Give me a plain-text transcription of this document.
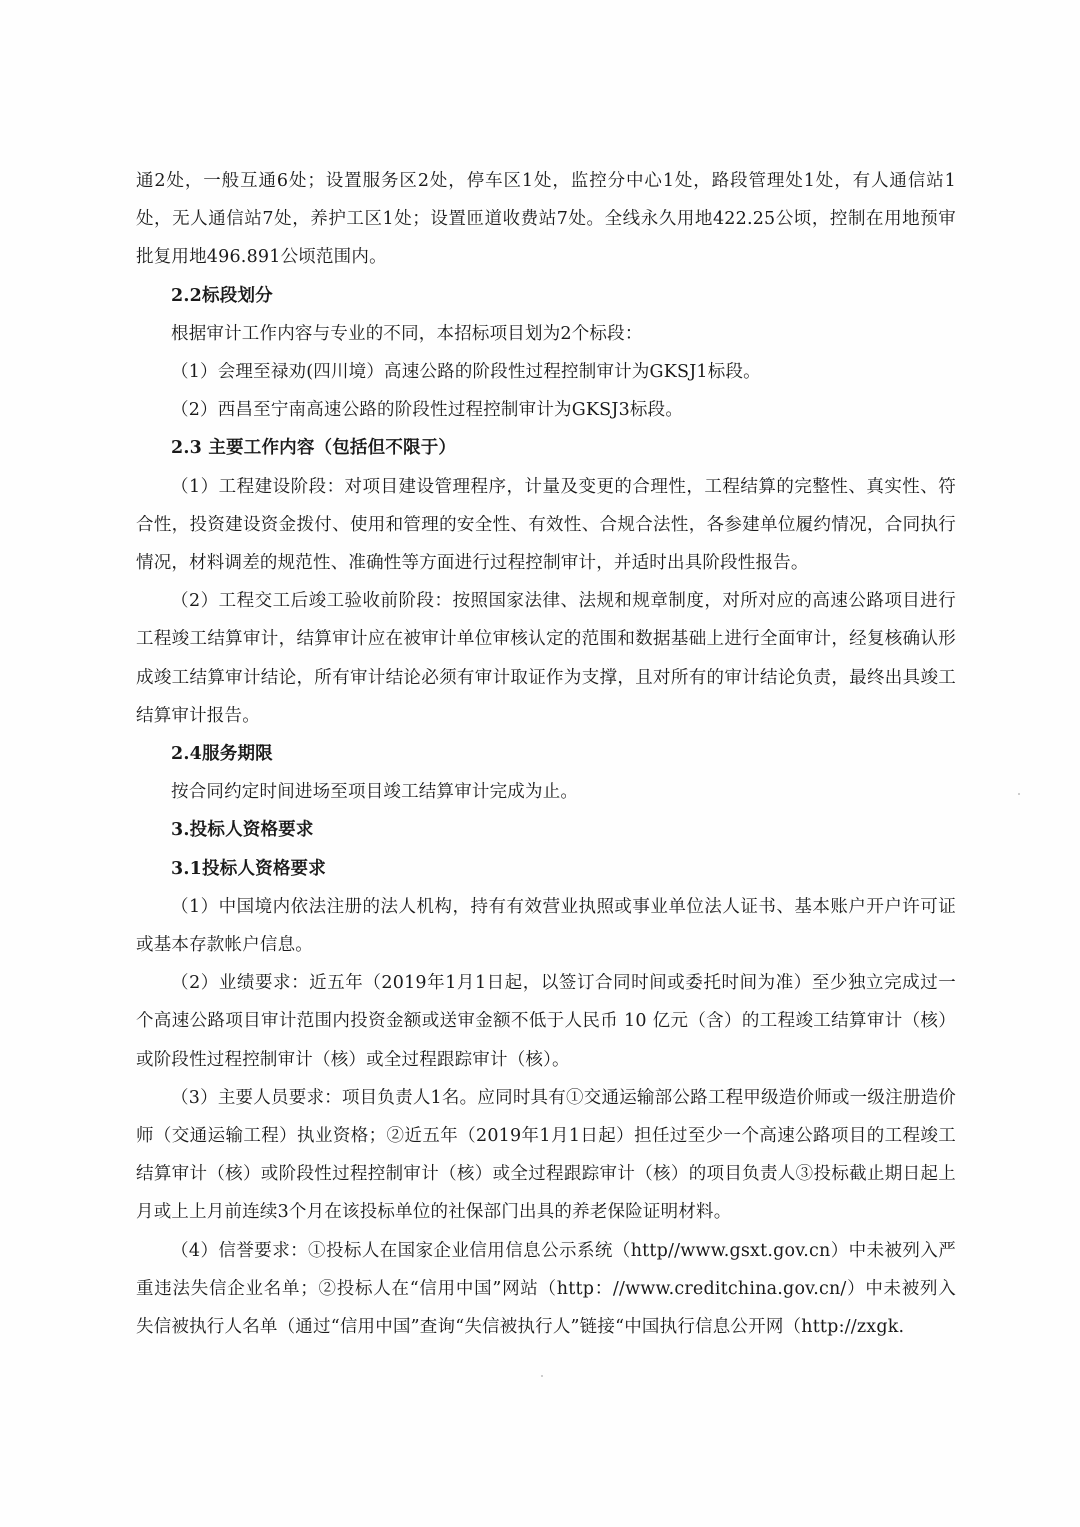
通2处，一般互通6处；设置服务区2处，停车区1处，监控分中心1处，路段管理处1处，有人通信站1处，无人通信站7处，养护工区1处；设置匝道收费站7处。全线永久用地422.25公顷，控制在用地预审批复用地496.891公顷范围内。

2.2标段划分

根据审计工作内容与专业的不同，本招标项目划为2个标段：

（1）会理至禄劝(四川境）高速公路的阶段性过程控制审计为GKSJ1标段。

（2）西昌至宁南高速公路的阶段性过程控制审计为GKSJ3标段。

2.3 主要工作内容（包括但不限于）

（1）工程建设阶段：对项目建设管理程序，计量及变更的合理性，工程结算的完整性、真实性、符合性，投资建设资金拨付、使用和管理的安全性、有效性、合规合法性，各参建单位履约情况，合同执行情况，材料调差的规范性、准确性等方面进行过程控制审计，并适时出具阶段性报告。

（2）工程交工后竣工验收前阶段：按照国家法律、法规和规章制度，对所对应的高速公路项目进行工程竣工结算审计，结算审计应在被审计单位审核认定的范围和数据基础上进行全面审计，经复核确认形成竣工结算审计结论，所有审计结论必须有审计取证作为支撑，且对所有的审计结论负责，最终出具竣工结算审计报告。

2.4服务期限

按合同约定时间进场至项目竣工结算审计完成为止。

3.投标人资格要求

3.1投标人资格要求

（1）中国境内依法注册的法人机构，持有有效营业执照或事业单位法人证书、基本账户开户许可证或基本存款帐户信息。

（2）业绩要求：近五年（2019年1月1日起，以签订合同时间或委托时间为准）至少独立完成过一个高速公路项目审计范围内投资金额或送审金额不低于人民币 10 亿元（含）的工程竣工结算审计（核）或阶段性过程控制审计（核）或全过程跟踪审计（核）。

（3）主要人员要求：项目负责人1名。应同时具有①交通运输部公路工程甲级造价师或一级注册造价师（交通运输工程）执业资格；②近五年（2019年1月1日起）担任过至少一个高速公路项目的工程竣工结算审计（核）或阶段性过程控制审计（核）或全过程跟踪审计（核）的项目负责人③投标截止期日起上月或上上月前连续3个月在该投标单位的社保部门出具的养老保险证明材料。

（4）信誉要求：①投标人在国家企业信用信息公示系统（http//www.gsxt.gov.cn）中未被列入严重违法失信企业名单；②投标人在“信用中国”网站（http：//www.creditchina.gov.cn/）中未被列入失信被执行人名单（通过“信用中国”查询“失信被执行人”链接“中国执行信息公开网（http://zxgk.
